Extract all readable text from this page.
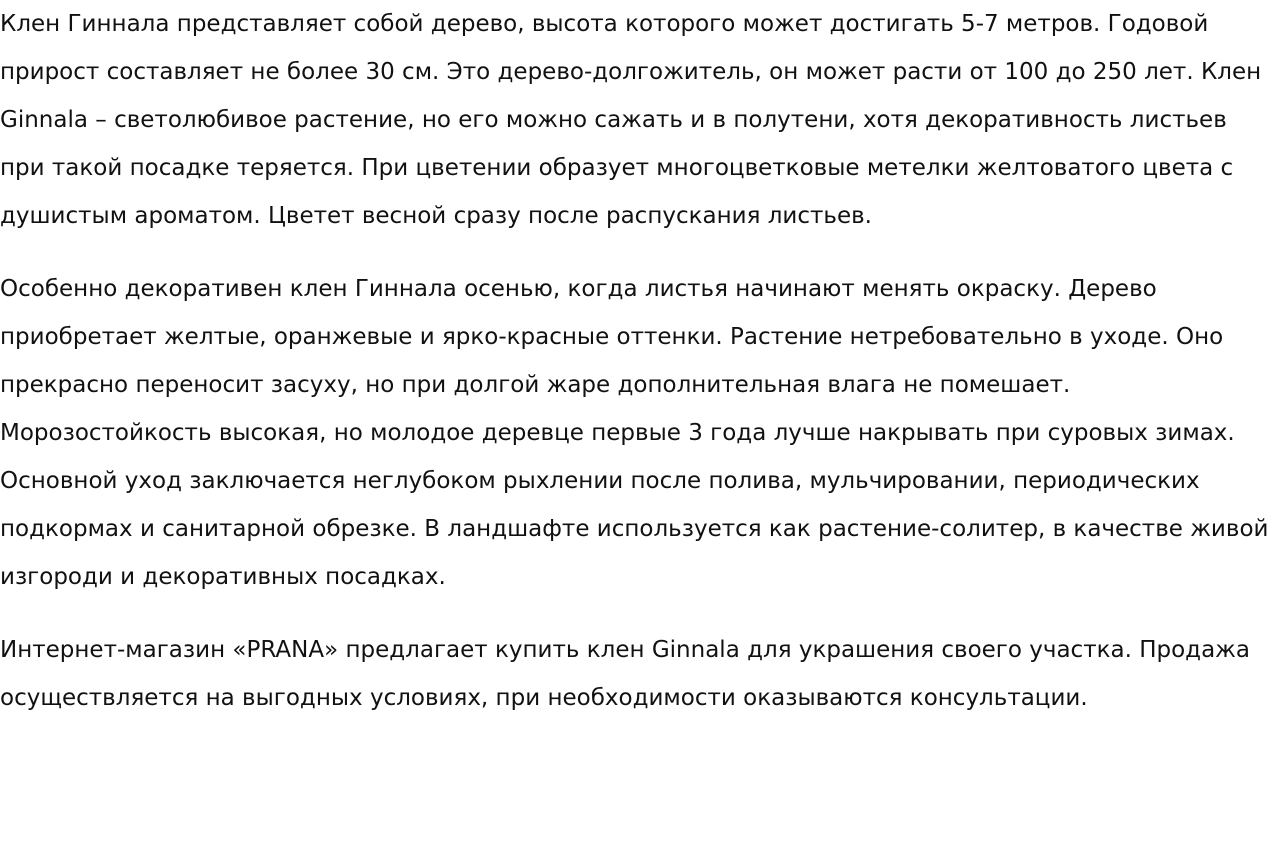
Клен Гиннала представляет собой дерево, высота которого может достигать 5-7 метров. Годовой прирост составляет не более 30 см. Это дерево-долгожитель, он может расти от 100 до 250 лет. Клен Ginnala – светолюбивое растение, но его можно сажать и в полутени, хотя декоративность листьев при такой посадке теряется. При цветении образует многоцветковые метелки желтоватого цвета с душистым ароматом. Цветет весной сразу после распускания листьев.

Особенно декоративен клен Гиннала осенью, когда листья начинают менять окраску. Дерево приобретает желтые, оранжевые и ярко-красные оттенки. Растение нетребовательно в уходе. Оно прекрасно переносит засуху, но при долгой жаре дополнительная влага не помешает. Морозостойкость высокая, но молодое деревце первые 3 года лучше накрывать при суровых зимах. Основной уход заключается неглубоком рыхлении после полива, мульчировании, периодических подкормах и санитарной обрезке. В ландшафте используется как растение-солитер, в качестве живой изгороди и декоративных посадках.

Интернет-магазин «PRANA» предлагает купить клен Ginnala для украшения своего участка. Продажа осуществляется на выгодных условиях, при необходимости оказываются консультации.
